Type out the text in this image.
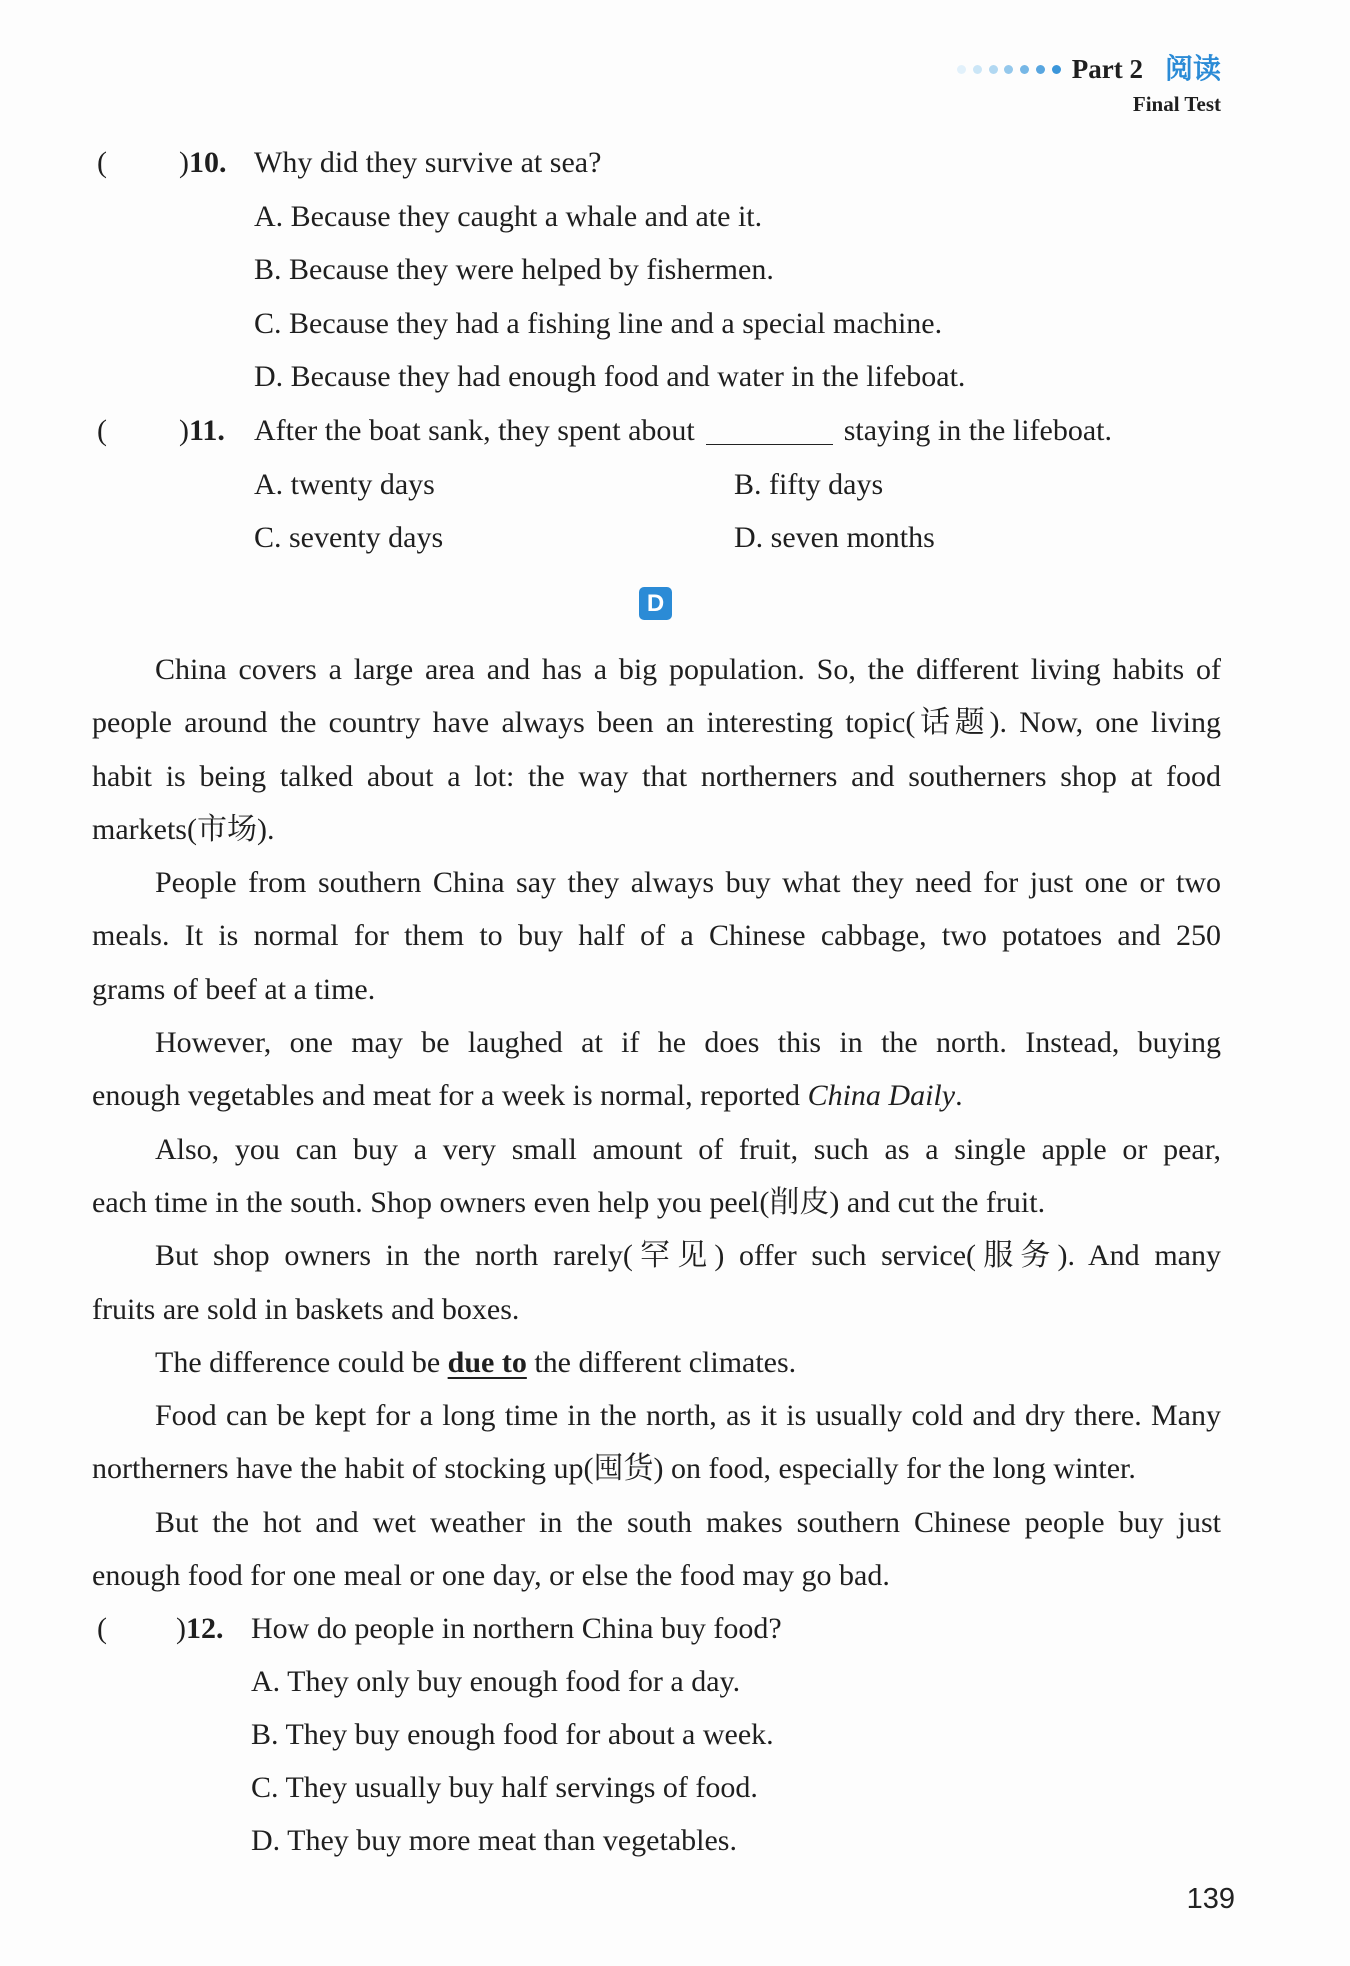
Part 2 阅读
Final Test
( )10. Why did they survive at sea?
A. Because they caught a whale and ate it.
B. Because they were helped by fishermen.
C. Because they had a fishing line and a special machine.
D. Because they had enough food and water in the lifeboat.
( )11. After the boat sank, they spent about	staying in the lifeboat.
A. twenty days	B. fifty days
C. seventy days	D. seven months
D
China covers a large area and has a big population. So, the different living habits of
people around the country have always been an interesting topic(话题). Now, one living
habit is being talked about a lot: the way that northerners and southerners shop at food
markets(市场).
People from southern China say they always buy what they need for just one or two
meals. It is normal for them to buy half of a Chinese cabbage, two potatoes and 250
grams of beef at a time.
However, one may be laughed at if he does this in the north. Instead, buying
enough vegetables and meat for a week is normal, reported China Daily.
Also, you can buy a very small amount of fruit, such as a single apple or pear,
each time in the south. Shop owners even help you peel(削皮) and cut the fruit.
But shop owners in the north rarely(罕见) offer such service(服务). And many
fruits are sold in baskets and boxes.
The difference could be due to the different climates.
Food can be kept for a long time in the north, as it is usually cold and dry there. Many
northerners have the habit of stocking up(囤货) on food, especially for the long winter.
But the hot and wet weather in the south makes southern Chinese people buy just
enough food for one meal or one day, or else the food may go bad.
( )12. How do people in northern China buy food?
A. They only buy enough food for a day.
B. They buy enough food for about a week.
C. They usually buy half servings of food.
D. They buy more meat than vegetables.
139
